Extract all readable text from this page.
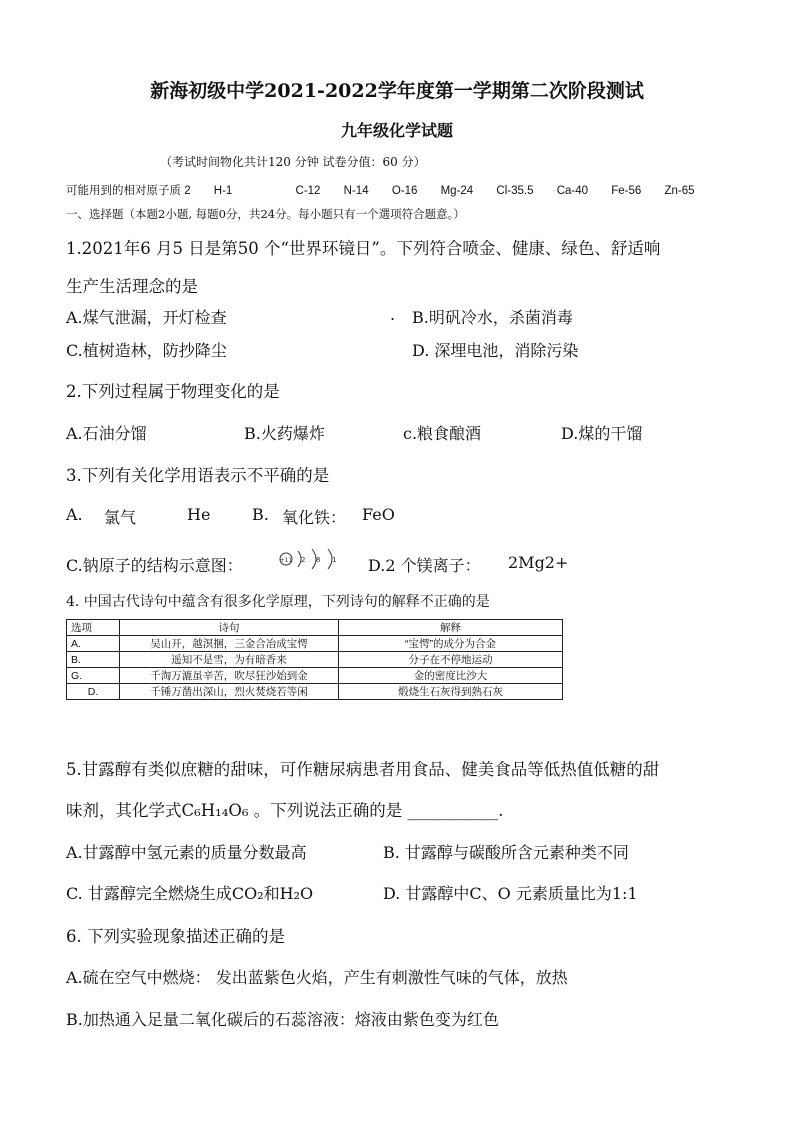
新海初级中学2021-2022学年度第一学期第二次阶段测试
九年级化学试题
（考试时间物化共计120 分钟 试卷分值：60 分）
可能用到的相对原子质 2 H-1	C-12 N-14 O-16 Mg-24 Cl-35.5 Ca-40 Fe-56 Zn-65
一、选择题（本题2小题, 每题0分，共24分。每小题只有一个選项符合题意。）
1.2021年6 月5 日是第50 个“世界环镜日”。下列符合喷金、健康、绿色、舒适响
生产生活理念的是
A.煤气泄漏，开灯检查	. B.明矾冷水，杀菌消毒
C.植树造林，防抄降尘	D. 深埋电池，消除污染
2.下列过程属于物理变化的是
A.石油分馏	B.火药爆炸	c.粮食酿酒	D.煤的干馏
3.下列有关化学用语表示不平确的是
A. 氯气	He	B. 氧化铁： FeO
C.钠原子的结构示意图：	+11 2 8 1 D.2 个镁离子： 2Mg2+
4. 中国古代诗句中蕴含有很多化学原理，下列诗句的解释不正确的是
选项	诗句	解释
A.	吴山开，越溟捆，三金合冶成宝愕	“宝愕”的成分为合金
B.	遥知不是雪，为有暗香来	分子在不停地运动
G.	千淘万漉虽辛苦，吹尽狂沙始到金	金的密度比沙大
D.	千锤万凿出深山，烈火焚烧若等闲	煅烧生石灰得到熟石灰
5.甘露醇有类似庶糖的甜味，可作糖尿病患者用食品、健美食品等低热值低糖的甜
味剂，其化学式C₆H₁₄O₆ 。下列说法正确的是 ___________.
A.甘露醇中氢元素的质量分数最高	B. 甘露醇与碳酸所含元素种类不同
C. 甘露醇完全燃烧生成CO₂和H₂O	D. 甘露醇中C、O 元素质量比为1:1
6. 下列实验现象描述正确的是
A.硫在空气中燃烧： 发出蓝紫色火焰，产生有刺激性气味的气体，放热
B.加热通入足量二氧化碳后的石蕊溶液：熔液由紫色变为红色
